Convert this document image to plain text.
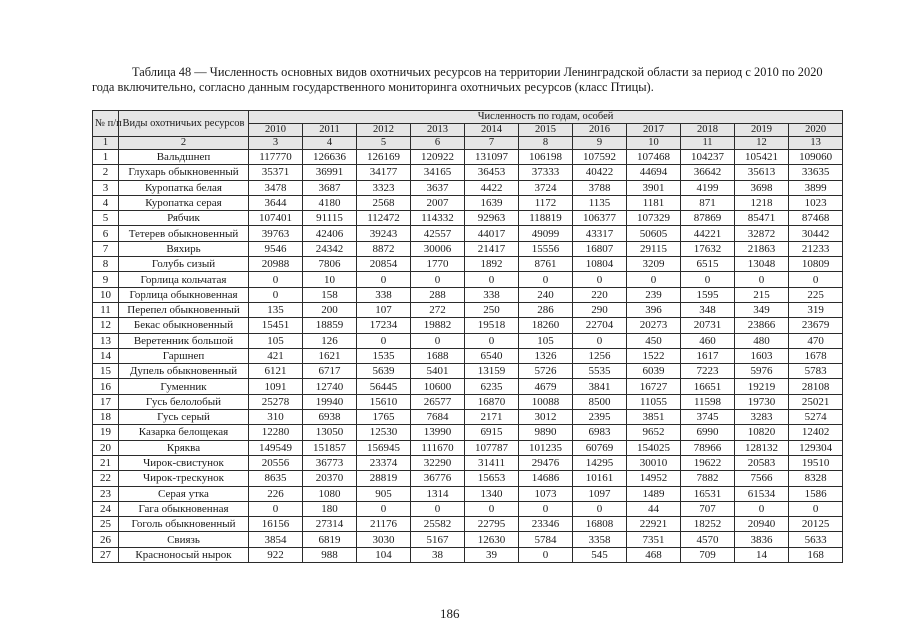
Таблица 48 — Численность основных видов охотничьих ресурсов на территории Ленинградской области за период с 2010 по 2020
года включительно, согласно данным государственного мониторинга охотничьих ресурсов (класс Птицы).
№ п/п	Виды охотничьих ресурсов	Численность по годам, особей										
		2010	2011	2012	2013	2014	2015	2016	2017	2018	2019	2020
1	2	3	4	5	6	7	8	9	10	11	12	13
1	Вальдшнеп	117770	126636	126169	120922	131097	106198	107592	107468	104237	105421	109060
2	Глухарь обыкновенный	35371	36991	34177	34165	36453	37333	40422	44694	36642	35613	33635
3	Куропатка белая	3478	3687	3323	3637	4422	3724	3788	3901	4199	3698	3899
4	Куропатка серая	3644	4180	2568	2007	1639	1172	1135	1181	871	1218	1023
5	Рябчик	107401	91115	112472	114332	92963	118819	106377	107329	87869	85471	87468
6	Тетерев обыкновенный	39763	42406	39243	42557	44017	49099	43317	50605	44221	32872	30442
7	Вяхирь	9546	24342	8872	30006	21417	15556	16807	29115	17632	21863	21233
8	Голубь сизый	20988	7806	20854	1770	1892	8761	10804	3209	6515	13048	10809
9	Горлица кольчатая	0	10	0	0	0	0	0	0	0	0	0
10	Горлица обыкновенная	0	158	338	288	338	240	220	239	1595	215	225
11	Перепел обыкновенный	135	200	107	272	250	286	290	396	348	349	319
12	Бекас обыкновенный	15451	18859	17234	19882	19518	18260	22704	20273	20731	23866	23679
13	Веретенник большой	105	126	0	0	0	105	0	450	460	480	470
14	Гаршнеп	421	1621	1535	1688	6540	1326	1256	1522	1617	1603	1678
15	Дупель обыкновенный	6121	6717	5639	5401	13159	5726	5535	6039	7223	5976	5783
16	Гуменник	1091	12740	56445	10600	6235	4679	3841	16727	16651	19219	28108
17	Гусь белолобый	25278	19940	15610	26577	16870	10088	8500	11055	11598	19730	25021
18	Гусь серый	310	6938	1765	7684	2171	3012	2395	3851	3745	3283	5274
19	Казарка белощекая	12280	13050	12530	13990	6915	9890	6983	9652	6990	10820	12402
20	Кряква	149549	151857	156945	111670	107787	101235	60769	154025	78966	128132	129304
21	Чирок-свистунок	20556	36773	23374	32290	31411	29476	14295	30010	19622	20583	19510
22	Чирок-трескунок	8635	20370	28819	36776	15653	14686	10161	14952	7882	7566	8328
23	Серая утка	226	1080	905	1314	1340	1073	1097	1489	16531	61534	1586
24	Гага обыкновенная	0	180	0	0	0	0	0	44	707	0	0
25	Гоголь обыкновенный	16156	27314	21176	25582	22795	23346	16808	22921	18252	20940	20125
26	Свиязь	3854	6819	3030	5167	12630	5784	3358	7351	4570	3836	5633
27	Красноносый нырок	922	988	104	38	39	0	545	468	709	14	168
186
